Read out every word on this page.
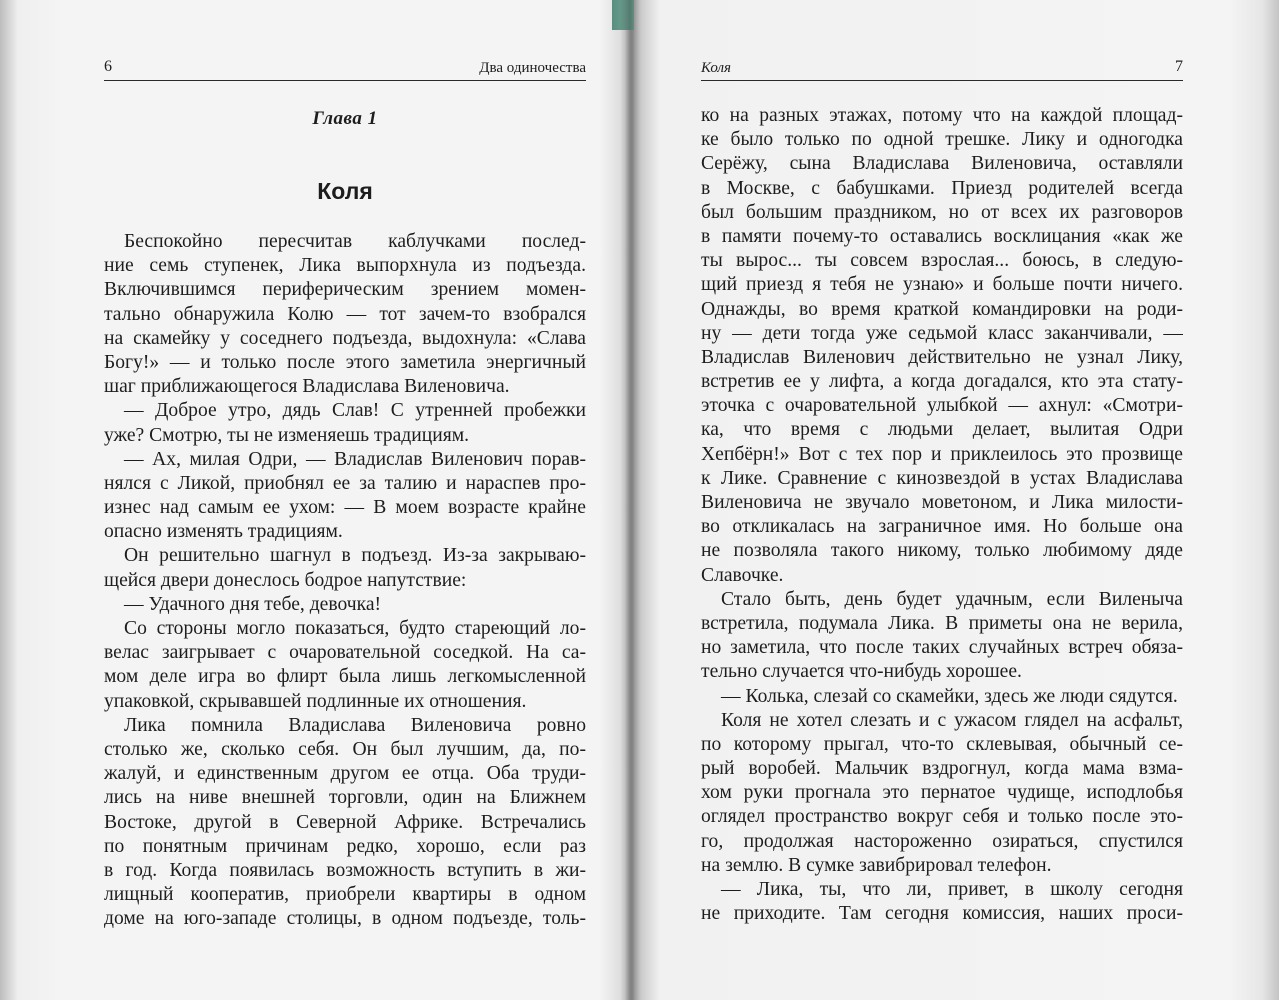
6	Два одиночества
Глава 1
Коля
Беспокойно пересчитав каблучками послед-
ние семь ступенек, Лика выпорхнула из подъезда.
Включившимся периферическим зрением момен-
тально обнаружила Колю — тот зачем-то взобрался
на скамейку у соседнего подъезда, выдохнула: «Слава
Богу!» — и только после этого заметила энергичный
шаг приближающегося Владислава Виленовича.
— Доброе утро, дядь Слав! С утренней пробежки
уже? Смотрю, ты не изменяешь традициям.
— Ах, милая Одри, — Владислав Виленович порав-
нялся с Ликой, приобнял ее за талию и нараспев про-
изнес над самым ее ухом: — В моем возрасте крайне
опасно изменять традициям.
Он решительно шагнул в подъезд. Из-за закрываю-
щейся двери донеслось бодрое напутствие:
— Удачного дня тебе, девочка!
Со стороны могло показаться, будто стареющий ло-
велас заигрывает с очаровательной соседкой. На са-
мом деле игра во флирт была лишь легкомысленной
упаковкой, скрывавшей подлинные их отношения.
Лика помнила Владислава Виленовича ровно
столько же, сколько себя. Он был лучшим, да, по-
жалуй, и единственным другом ее отца. Оба труди-
лись на ниве внешней торговли, один на Ближнем
Востоке, другой в Северной Африке. Встречались
по понятным причинам редко, хорошо, если раз
в год. Когда появилась возможность вступить в жи-
лищный кооператив, приобрели квартиры в одном
доме на юго-западе столицы, в одном подъезде, толь-
Коля	7
ко на разных этажах, потому что на каждой площад-
ке было только по одной трешке. Лику и одногодка
Серёжу, сына Владислава Виленовича, оставляли
в Москве, с бабушками. Приезд родителей всегда
был большим праздником, но от всех их разговоров
в памяти почему-то оставались восклицания «как же
ты вырос... ты совсем взрослая... боюсь, в следую-
щий приезд я тебя не узнаю» и больше почти ничего.
Однажды, во время краткой командировки на роди-
ну — дети тогда уже седьмой класс заканчивали, —
Владислав Виленович действительно не узнал Лику,
встретив ее у лифта, а когда догадался, кто эта стату-
эточка с очаровательной улыбкой — ахнул: «Смотри-
ка, что время с людьми делает, вылитая Одри
Хепбёрн!» Вот с тех пор и приклеилось это прозвище
к Лике. Сравнение с кинозвездой в устах Владислава
Виленовича не звучало моветоном, и Лика милости-
во откликалась на заграничное имя. Но больше она
не позволяла такого никому, только любимому дяде
Славочке.
Стало быть, день будет удачным, если Виленыча
встретила, подумала Лика. В приметы она не верила,
но заметила, что после таких случайных встреч обяза-
тельно случается что-нибудь хорошее.
— Колька, слезай со скамейки, здесь же люди сядутся.
Коля не хотел слезать и с ужасом глядел на асфальт,
по которому прыгал, что-то склевывая, обычный се-
рый воробей. Мальчик вздрогнул, когда мама взма-
хом руки прогнала это пернатое чудище, исподлобья
оглядел пространство вокруг себя и только после это-
го, продолжая настороженно озираться, спустился
на землю. В сумке завибрировал телефон.
— Лика, ты, что ли, привет, в школу сегодня
не приходите. Там сегодня комиссия, наших проси-
